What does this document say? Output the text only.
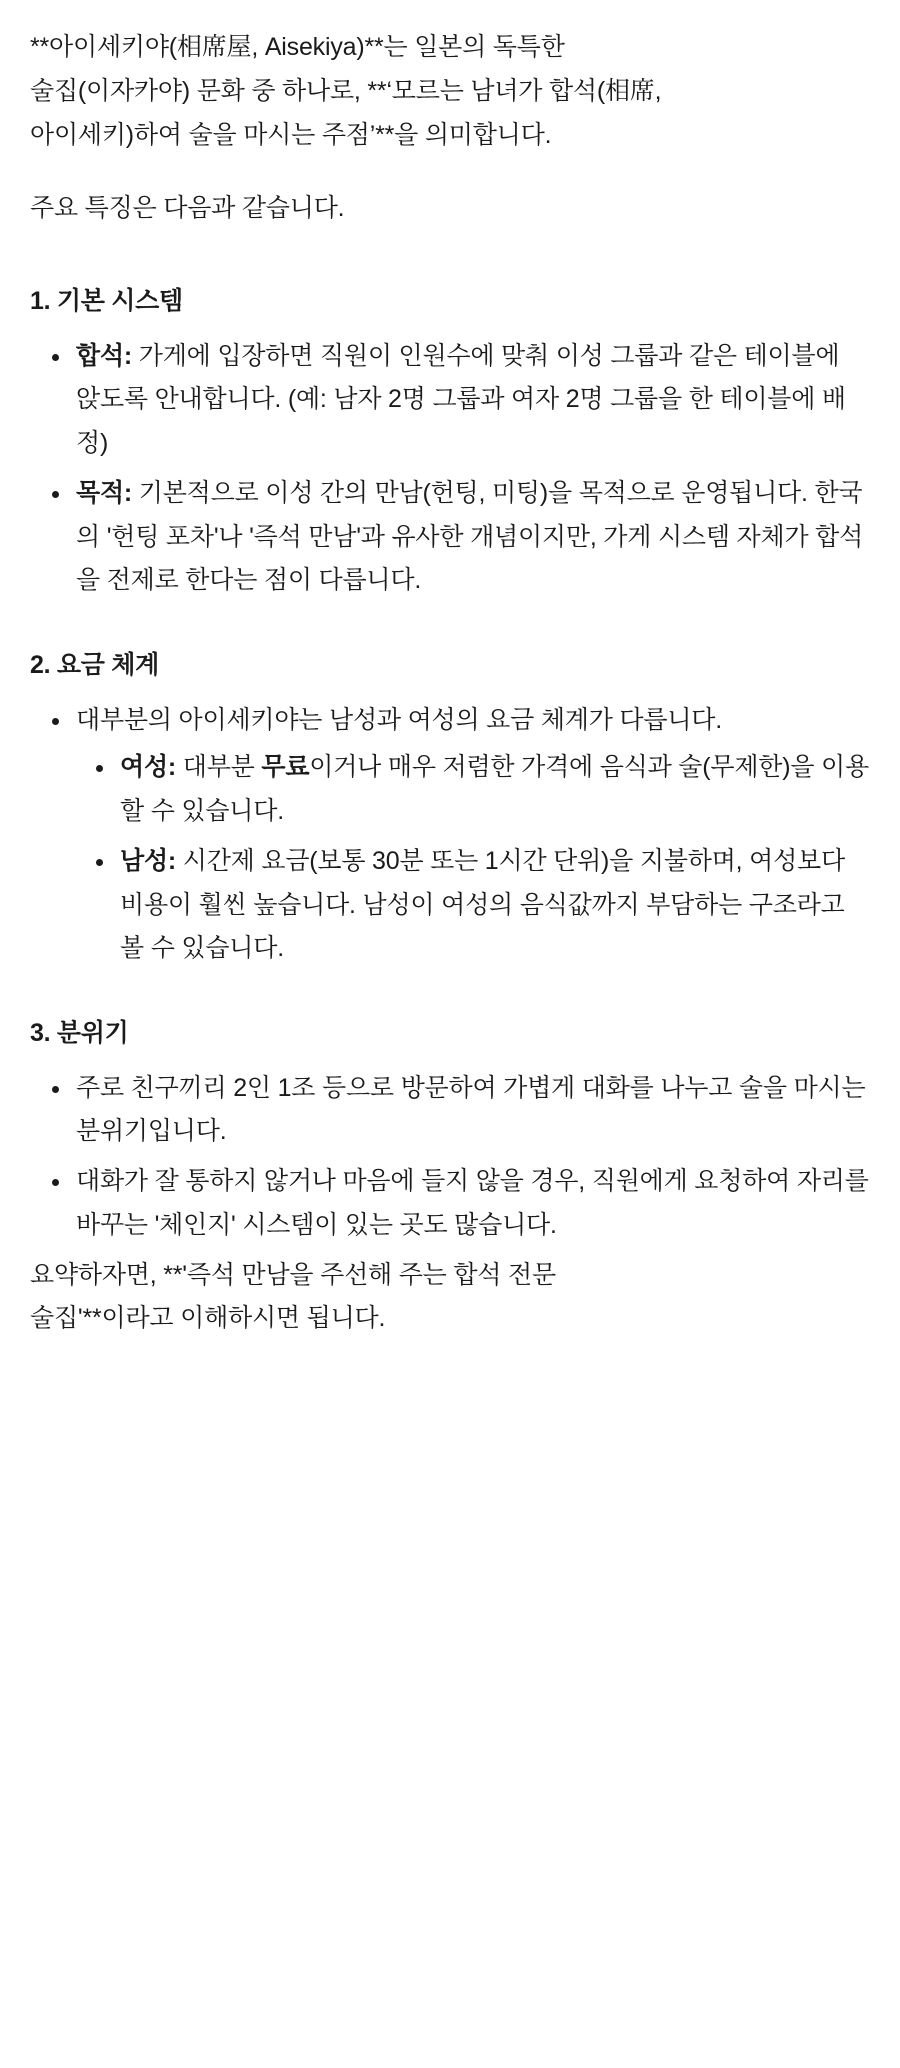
**아이세키야(相席屋, Aisekiya)**는 일본의 독특한
술집(이자카야) 문화 중 하나로, **‘모르는 남녀가 합석(相席,
아이세키)하여 술을 마시는 주점’**을 의미합니다.

주요 특징은 다음과 같습니다.

1. 기본 시스템
합석: 가게에 입장하면 직원이 인원수에 맞춰 이성 그룹과 같은 테이블에 앉도록 안내합니다. (예: 남자 2명 그룹과 여자 2명 그룹을 한 테이블에 배정)
목적: 기본적으로 이성 간의 만남(헌팅, 미팅)을 목적으로 운영됩니다. 한국의 '헌팅 포차'나 '즉석 만남'과 유사한 개념이지만, 가게 시스템 자체가 합석을 전제로 한다는 점이 다릅니다.
2. 요금 체계
대부분의 아이세키야는 남성과 여성의 요금 체계가 다릅니다.
여성: 대부분 무료이거나 매우 저렴한 가격에 음식과 술(무제한)을 이용할 수 있습니다.
남성: 시간제 요금(보통 30분 또는 1시간 단위)을 지불하며, 여성보다 비용이 훨씬 높습니다. 남성이 여성의 음식값까지 부담하는 구조라고 볼 수 있습니다.
3. 분위기
주로 친구끼리 2인 1조 등으로 방문하여 가볍게 대화를 나누고 술을 마시는 분위기입니다.
대화가 잘 통하지 않거나 마음에 들지 않을 경우, 직원에게 요청하여 자리를 바꾸는 '체인지' 시스템이 있는 곳도 많습니다.

요약하자면, **'즉석 만남을 주선해 주는 합석 전문
술집'**이라고 이해하시면 됩니다.
